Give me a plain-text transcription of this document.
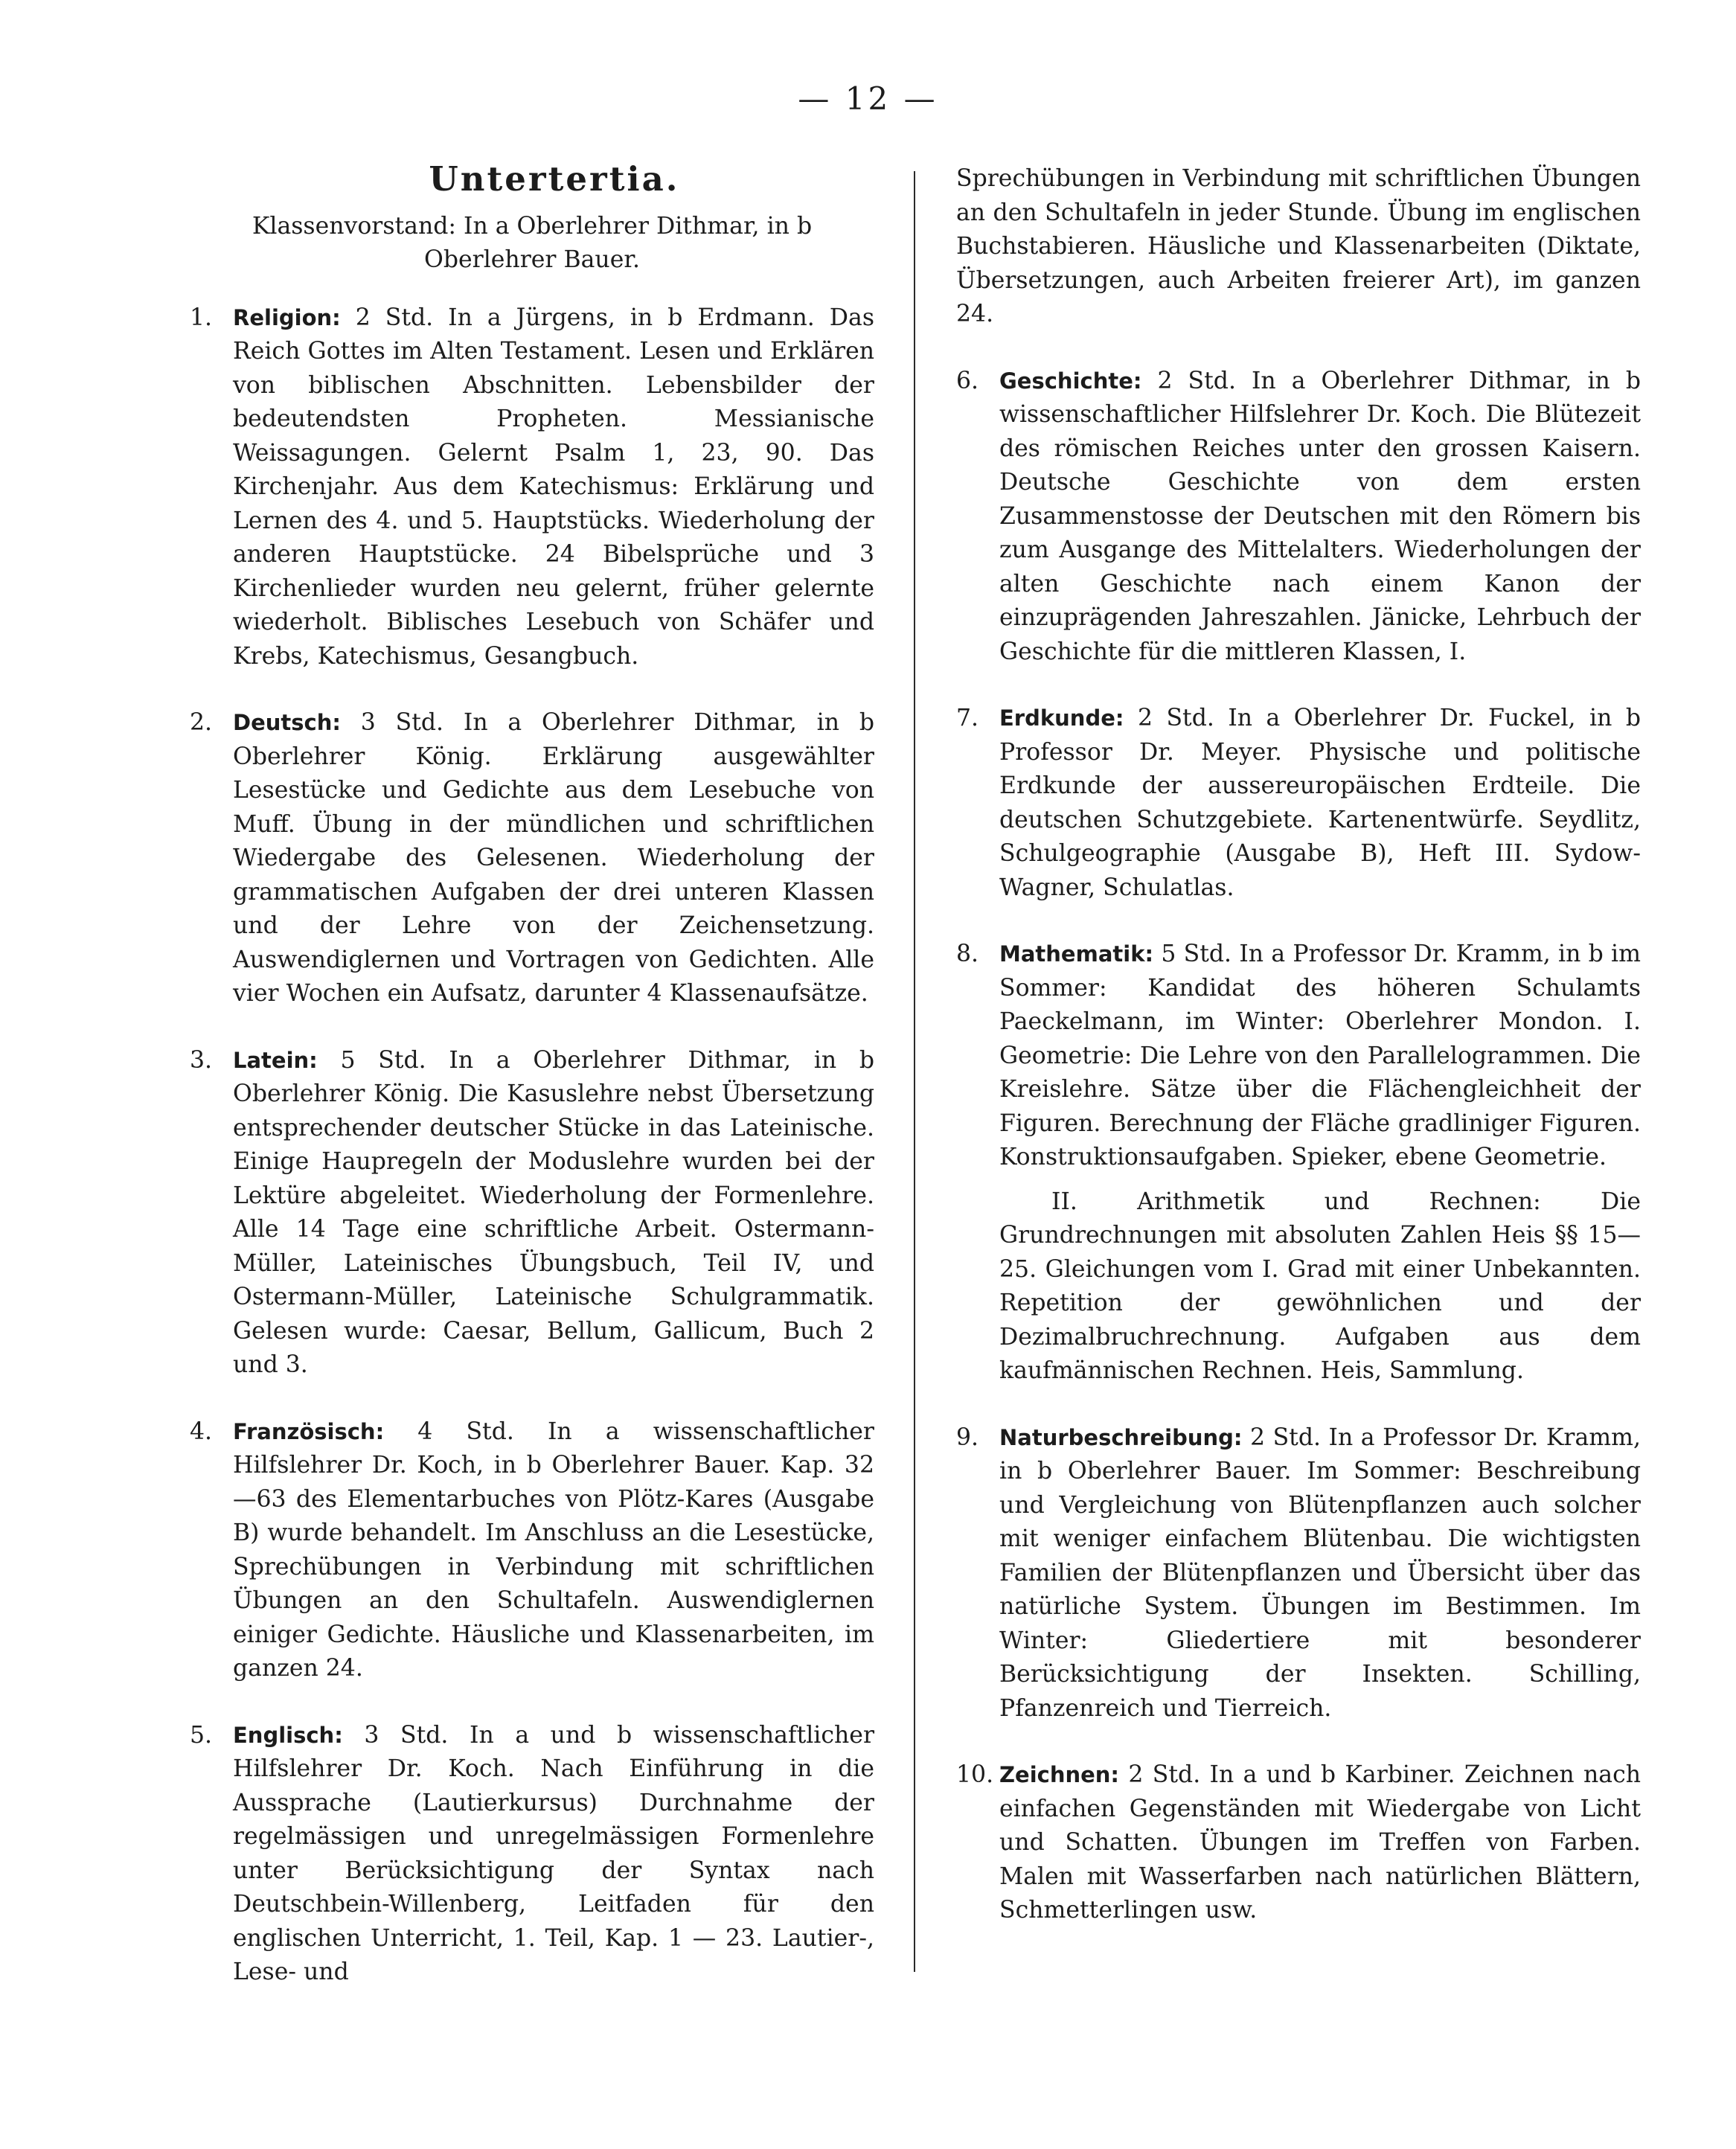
— 12 —
Untertertia.
Klassenvorstand: In a Oberlehrer Dithmar, in b Oberlehrer Bauer.
1. Religion: 2 Std. In a Jürgens, in b Erdmann. Das Reich Gottes im Alten Testament. Lesen und Erklären von biblischen Abschnitten. Lebensbilder der bedeutendsten Propheten. Messianische Weissagungen. Gelernt Psalm 1, 23, 90. Das Kirchenjahr. Aus dem Katechismus: Erklärung und Lernen des 4. und 5. Hauptstücks. Wiederholung der anderen Hauptstücke. 24 Bibelsprüche und 3 Kirchenlieder wurden neu gelernt, früher gelernte wiederholt. Biblisches Lesebuch von Schäfer und Krebs, Katechismus, Gesangbuch.

2. Deutsch: 3 Std. In a Oberlehrer Dithmar, in b Oberlehrer König. Erklärung ausgewählter Lesestücke und Gedichte aus dem Lesebuche von Muff. Übung in der mündlichen und schriftlichen Wiedergabe des Gelesenen. Wiederholung der grammatischen Aufgaben der drei unteren Klassen und der Lehre von der Zeichensetzung. Auswendiglernen und Vortragen von Gedichten. Alle vier Wochen ein Aufsatz, darunter 4 Klassenaufsätze.

3. Latein: 5 Std. In a Oberlehrer Dithmar, in b Oberlehrer König. Die Kasuslehre nebst Übersetzung entsprechender deutscher Stücke in das Lateinische. Einige Haupregeln der Moduslehre wurden bei der Lektüre abgeleitet. Wiederholung der Formenlehre. Alle 14 Tage eine schriftliche Arbeit. Ostermann-Müller, Lateinisches Übungsbuch, Teil IV, und Ostermann-Müller, Lateinische Schulgrammatik. Gelesen wurde: Caesar, Bellum, Gallicum, Buch 2 und 3.

4. Französisch: 4 Std. In a wissenschaftlicher Hilfslehrer Dr. Koch, in b Oberlehrer Bauer. Kap. 32—63 des Elementarbuches von Plötz-Kares (Ausgabe B) wurde behandelt. Im Anschluss an die Lesestücke, Sprechübungen in Verbindung mit schriftlichen Übungen an den Schultafeln. Auswendiglernen einiger Gedichte. Häusliche und Klassenarbeiten, im ganzen 24.

5. Englisch: 3 Std. In a und b wissenschaftlicher Hilfslehrer Dr. Koch. Nach Einführung in die Aussprache (Lautierkursus) Durchnahme der regelmässigen und unregelmässigen Formenlehre unter Berücksichtigung der Syntax nach Deutschbein-Willenberg, Leitfaden für den englischen Unterricht, 1. Teil, Kap. 1 — 23. Lautier-, Lese- und

Sprechübungen in Verbindung mit schriftlichen Übungen an den Schultafeln in jeder Stunde. Übung im englischen Buchstabieren. Häusliche und Klassenarbeiten (Diktate, Übersetzungen, auch Arbeiten freierer Art), im ganzen 24.
6. Geschichte: 2 Std. In a Oberlehrer Dithmar, in b wissenschaftlicher Hilfslehrer Dr. Koch. Die Blütezeit des römischen Reiches unter den grossen Kaisern. Deutsche Geschichte von dem ersten Zusammenstosse der Deutschen mit den Römern bis zum Ausgange des Mittelalters. Wiederholungen der alten Geschichte nach einem Kanon der einzuprägenden Jahreszahlen. Jänicke, Lehrbuch der Geschichte für die mittleren Klassen, I.

7. Erdkunde: 2 Std. In a Oberlehrer Dr. Fuckel, in b Professor Dr. Meyer. Physische und politische Erdkunde der aussereuropäischen Erdteile. Die deutschen Schutzgebiete. Kartenentwürfe. Seydlitz, Schulgeographie (Ausgabe B), Heft III. Sydow-Wagner, Schulatlas.

8. Mathematik: 5 Std. In a Professor Dr. Kramm, in b im Sommer: Kandidat des höheren Schulamts Paeckelmann, im Winter: Oberlehrer Mondon. I. Geometrie: Die Lehre von den Parallelogrammen. Die Kreislehre. Sätze über die Flächengleichheit der Figuren. Berechnung der Fläche gradliniger Figuren. Konstruktionsaufgaben. Spieker, ebene Geometrie.

II. Arithmetik und Rechnen: Die Grundrechnungen mit absoluten Zahlen Heis §§ 15—25. Gleichungen vom I. Grad mit einer Unbekannten. Repetition der gewöhnlichen und der Dezimalbruchrechnung. Aufgaben aus dem kaufmännischen Rechnen. Heis, Sammlung.

9. Naturbeschreibung: 2 Std. In a Professor Dr. Kramm, in b Oberlehrer Bauer. Im Sommer: Beschreibung und Vergleichung von Blütenpflanzen auch solcher mit weniger einfachem Blütenbau. Die wichtigsten Familien der Blütenpflanzen und Übersicht über das natürliche System. Übungen im Bestimmen. Im Winter: Gliedertiere mit besonderer Berücksichtigung der Insekten. Schilling, Pfanzenreich und Tierreich.

10. Zeichnen: 2 Std. In a und b Karbiner. Zeichnen nach einfachen Gegenständen mit Wiedergabe von Licht und Schatten. Übungen im Treffen von Farben. Malen mit Wasserfarben nach natürlichen Blättern, Schmetterlingen usw.
